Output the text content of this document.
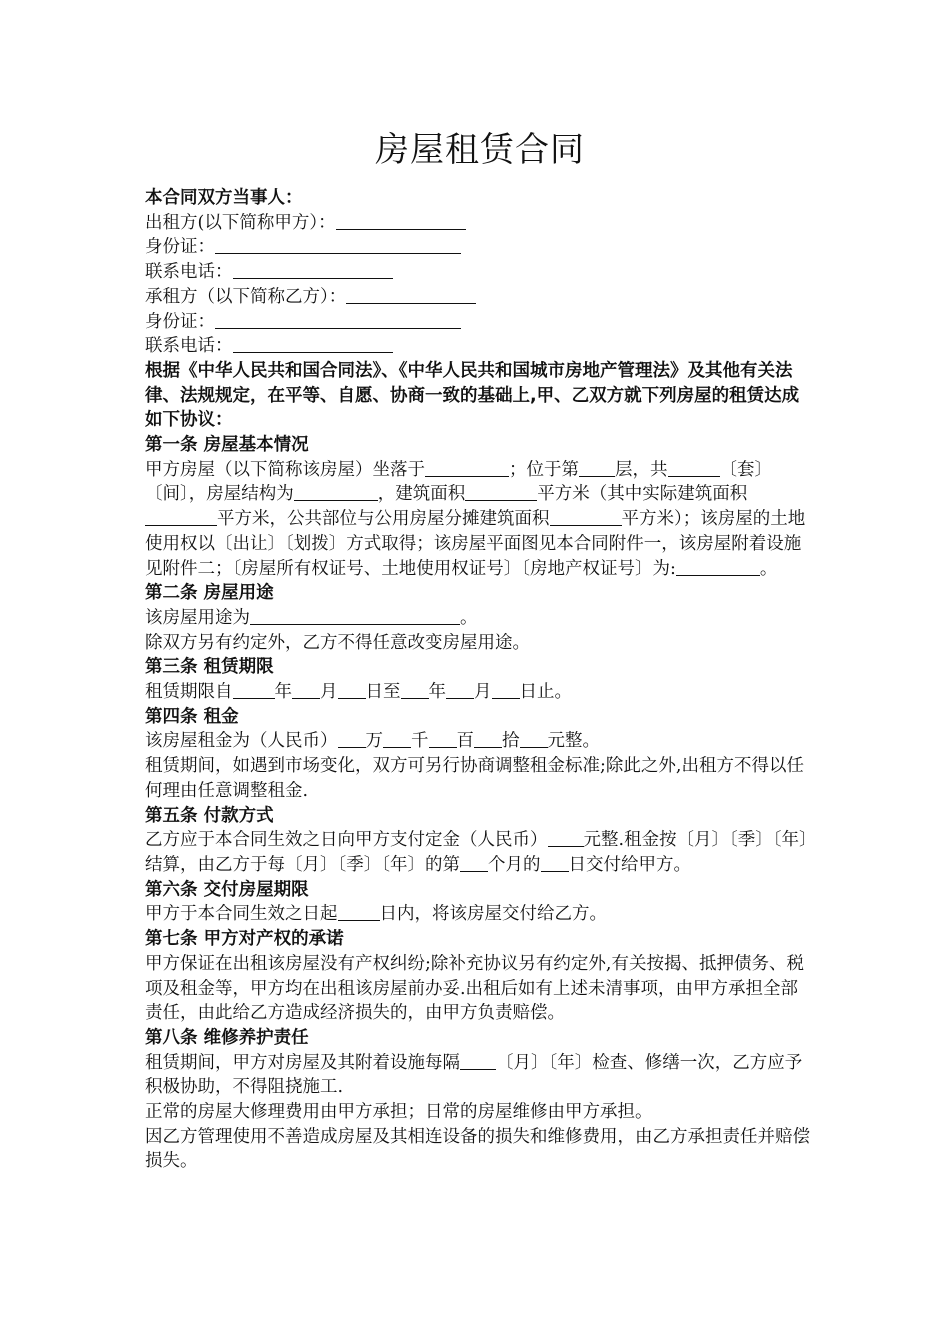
房屋租赁合同
本合同双方当事人：
出租方(以下简称甲方）：
身份证：
联系电话：
承租方（以下简称乙方）：
身份证：
联系电话：
根据《中华人民共和国合同法》、《中华人民共和国城市房地产管理法》及其他有关法律、法规规定，在平等、自愿、协商一致的基础上,甲、乙双方就下列房屋的租赁达成如下协议：
第一条 房屋基本情况
甲方房屋（以下简称该房屋）坐落于	；位于第 层，共	〔套〕〔间〕，房屋结构为	，建筑面积	平方米（其中实际建筑面积平方米，公共部位与公用房屋分摊建筑面积	平方米）；该房屋的土地使用权以〔出让〕〔划拨〕方式取得；该房屋平面图见本合同附件一，该房屋附着设施见附件二；〔房屋所有权证号、土地使用权证号〕〔房地产权证号〕为:	。
第二条 房屋用途
该房屋用途为	。
除双方另有约定外，乙方不得任意改变房屋用途。
第三条 租赁期限
租赁期限自 年 月 日至 年 月 日止。
第四条 租金
该房屋租金为（人民币） 万 千 百 拾 元整。
租赁期间，如遇到市场变化，双方可另行协商调整租金标准;除此之外,出租方不得以任何理由任意调整租金.
第五条 付款方式
乙方应于本合同生效之日向甲方支付定金（人民币） 元整.租金按〔月〕〔季〕〔年〕结算，由乙方于每〔月〕〔季〕〔年〕的第 个月的 日交付给甲方。
第六条 交付房屋期限
甲方于本合同生效之日起 日内，将该房屋交付给乙方。
第七条 甲方对产权的承诺
甲方保证在出租该房屋没有产权纠纷;除补充协议另有约定外,有关按揭、抵押债务、税项及租金等，甲方均在出租该房屋前办妥.出租后如有上述未清事项，由甲方承担全部责任，由此给乙方造成经济损失的，由甲方负责赔偿。
第八条 维修养护责任
租赁期间，甲方对房屋及其附着设施每隔 〔月〕〔年〕检查、修缮一次，乙方应予积极协助，不得阻挠施工.
正常的房屋大修理费用由甲方承担；日常的房屋维修由甲方承担。
因乙方管理使用不善造成房屋及其相连设备的损失和维修费用，由乙方承担责任并赔偿损失。
